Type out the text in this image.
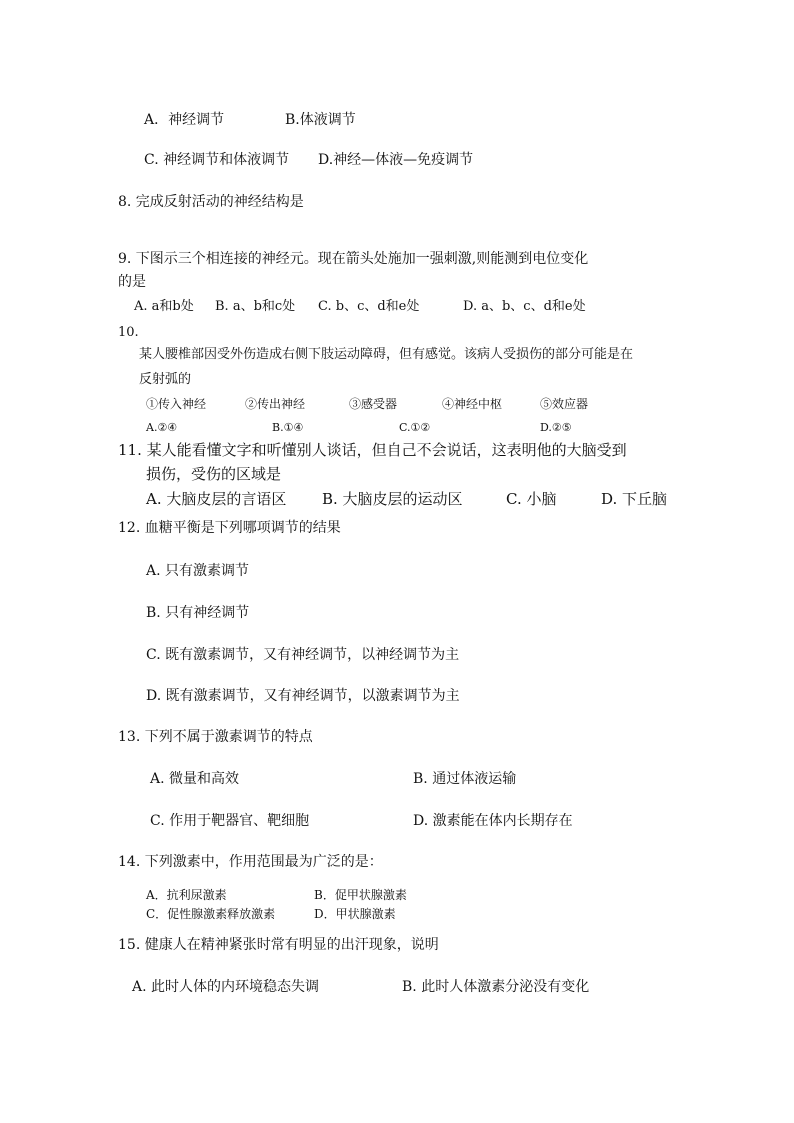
A．神经调节	B.体液调节
C. 神经调节和体液调节 D.神经—体液—免疫调节
8. 完成反射活动的神经结构是
9. 下图示三个相连接的神经元。现在箭头处施加一强刺激,则能测到电位变化
的是
A. a和b处 B. a、b和c处 C. b、c、d和e处	D. a、b、c、d和e处
10.
某人腰椎部因受外伤造成右侧下肢运动障碍，但有感觉。该病人受损伤的部分可能是在
反射弧的
①传入神经	②传出神经	③感受器	④神经中枢	⑤效应器
A.②④	B.①④	C.①②	D.②⑤
11. 某人能看懂文字和听懂别人谈话，但自己不会说话，这表明他的大脑受到
损伤，受伤的区域是
A. 大脑皮层的言语区 B. 大脑皮层的运动区	C. 小脑	D. 下丘脑
12. 血糖平衡是下列哪项调节的结果
A. 只有激素调节
B. 只有神经调节
C. 既有激素调节，又有神经调节，以神经调节为主
D. 既有激素调节，又有神经调节，以激素调节为主
13. 下列不属于激素调节的特点
A. 微量和高效	B. 通过体液运输
C. 作用于靶器官、靶细胞	D. 激素能在体内长期存在
14. 下列激素中，作用范围最为广泛的是：
A．抗利尿激素	B．促甲状腺激素
C．促性腺激素释放激素	D．甲状腺激素
15. 健康人在精神紧张时常有明显的出汗现象，说明
A. 此时人体的内环境稳态失调	B. 此时人体激素分泌没有变化
